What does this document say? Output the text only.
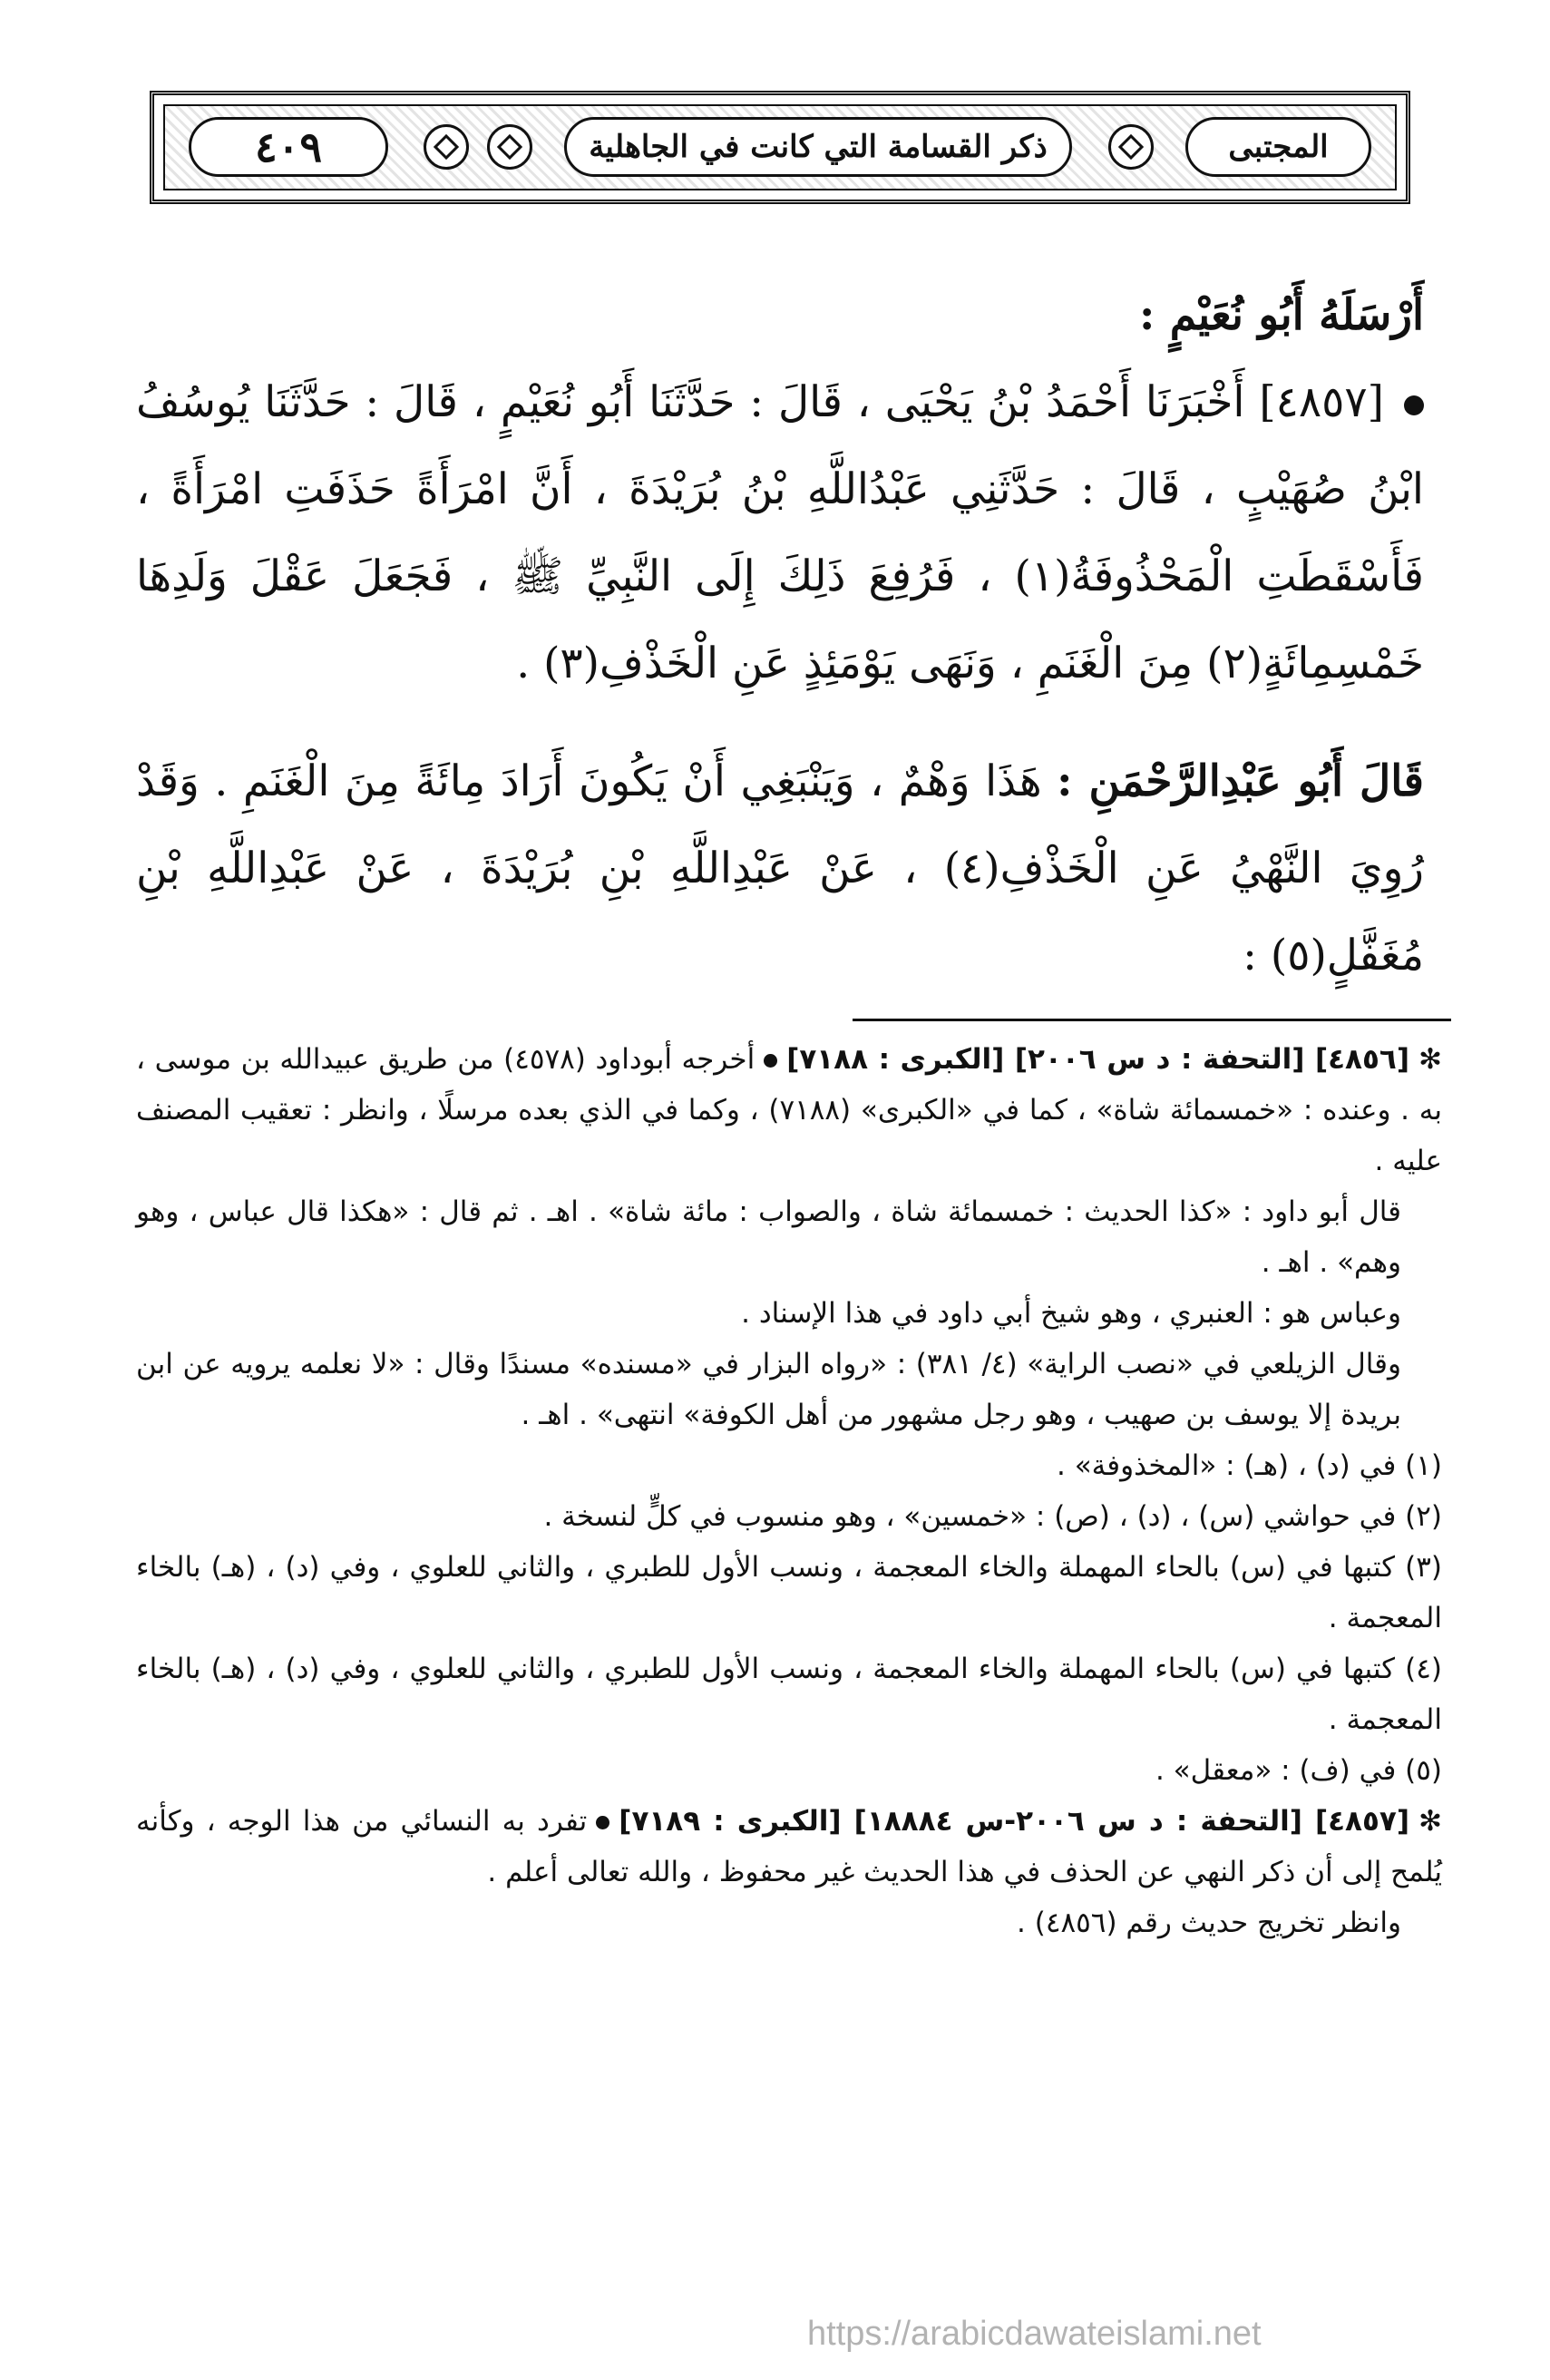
٤٠٩	ذكر القسامة التي كانت في الجاهلية	المجتبى

أَرْسَلَهُ أَبُو نُعَيْمٍ :

[٤٨٥٧] أَخْبَرَنَا أَحْمَدُ بْنُ يَحْيَى ، قَالَ : حَدَّثَنَا أَبُو نُعَيْمٍ ، قَالَ : حَدَّثَنَا يُوسُفُ ابْنُ صُهَيْبٍ ، قَالَ : حَدَّثَنِي عَبْدُاللَّهِ بْنُ بُرَيْدَةَ ، أَنَّ امْرَأَةً حَذَفَتِ امْرَأَةً ، فَأَسْقَطَتِ الْمَحْذُوفَةُ(١) ، فَرُفِعَ ذَلِكَ إِلَى النَّبِيِّ ﷺ ، فَجَعَلَ عَقْلَ وَلَدِهَا خَمْسِمِائَةٍ(٢) مِنَ الْغَنَمِ ، وَنَهَى يَوْمَئِذٍ عَنِ الْخَذْفِ(٣) .

قَالَ أَبُو عَبْدِالرَّحْمَنِ : هَذَا وَهْمٌ ، وَيَنْبَغِي أَنْ يَكُونَ أَرَادَ مِائَةً مِنَ الْغَنَمِ . وَقَدْ رُوِيَ النَّهْيُ عَنِ الْخَذْفِ(٤) ، عَنْ عَبْدِاللَّهِ بْنِ بُرَيْدَةَ ، عَنْ عَبْدِاللَّهِ بْنِ مُغَفَّلٍ(٥) :

✻[٤٨٥٦] [التحفة : د س ٢٠٠٦] [الكبرى : ٧١٨٨]أخرجه أبوداود (٤٥٧٨) من طريق عبيدالله بن موسى ، به . وعنده : «خمسمائة شاة» ، كما في «الكبرى» (٧١٨٨) ، وكما في الذي بعده مرسلًا ، وانظر : تعقيب المصنف عليه .

قال أبو داود : «كذا الحديث : خمسمائة شاة ، والصواب : مائة شاة» . اهـ . ثم قال : «هكذا قال عباس ، وهو وهم» . اهـ .

وعباس هو : العنبري ، وهو شيخ أبي داود في هذا الإسناد .

وقال الزيلعي في «نصب الراية» (٤/ ٣٨١) : «رواه البزار في «مسنده» مسندًا وقال : «لا نعلمه يرويه عن ابن بريدة إلا يوسف بن صهيب ، وهو رجل مشهور من أهل الكوفة» انتهى» . اهـ .

(١) في (د) ، (هـ) : «المخذوفة» .

(٢) في حواشي (س) ، (د) ، (ص) : «خمسين» ، وهو منسوب في كلٍّ لنسخة .

(٣) كتبها في (س) بالحاء المهملة والخاء المعجمة ، ونسب الأول للطبري ، والثاني للعلوي ، وفي (د) ، (هـ) بالخاء المعجمة .

(٤) كتبها في (س) بالحاء المهملة والخاء المعجمة ، ونسب الأول للطبري ، والثاني للعلوي ، وفي (د) ، (هـ) بالخاء المعجمة .

(٥) في (ف) : «معقل» .

✻[٤٨٥٧] [التحفة : د س ٢٠٠٦-س ١٨٨٨٤] [الكبرى : ٧١٨٩]تفرد به النسائي من هذا الوجه ، وكأنه يُلمح إلى أن ذكر النهي عن الحذف في هذا الحديث غير محفوظ ، والله تعالى أعلم .

وانظر تخريج حديث رقم (٤٨٥٦) .

https://arabicdawateislami.net
